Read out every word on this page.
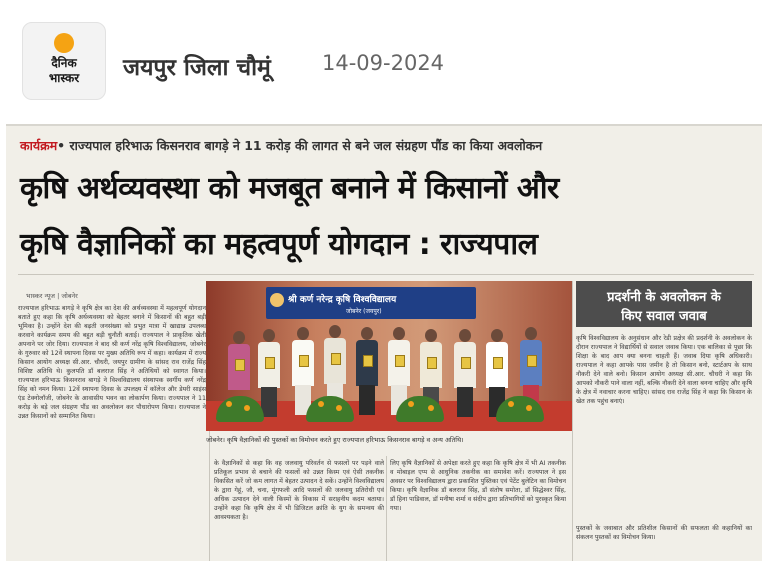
दैनिक
भास्कर	जयपुर जिला चौमूं 14-09-2024
कार्यक्रम• राज्यपाल हरिभाऊ किसनराव बागड़े ने 11 करोड़ की लागत से बने जल संग्रहण पौंड का किया अवलोकन
कृषि अर्थव्यवस्था को मजबूत बनाने में किसानों और
कृषि वैज्ञानिकों का महत्वपूर्ण योगदान : राज्यपाल
भास्कर न्यूज | जोबनेर
राज्यपाल हरिभाऊ बागड़े ने कृषि क्षेत्र का देश की अर्थव्यवस्था में महत्वपूर्ण योगदान बताते हुए कहा कि कृषि अर्थव्यवस्था को बेहतर बनाने में किसानों की बहुत बड़ी भूमिका है। उन्होंने देश की बढ़ती जनसंख्या को प्रभुत मात्रा में खाद्यान्न उपलब्ध करवाने कार्यक्रम समय की बहुत बड़ी चुनौती बताई। राज्यपाल ने प्राकृतिक खेती अपनाने पर जोर दिया। राज्यपाल ने बाद श्री कर्ण नरेंद्र कृषि विश्वविद्यालय, जोबनेर के गुरुवार को 12वें स्थापना दिवस पर मुख्य अतिथि रूप में कहा। कार्यक्रम में राज्य किसान आयोग अध्यक्ष सी.आर. चौधरी, जयपुर ग्रामीण के सांसद राव राजेंद्र सिंह विशिष्ट अतिथि थे। कुलपति डॉ बलराज सिंह ने अतिथियों को स्वागत किया। राज्यपाल हरिभाऊ किसनराव बागड़े ने विश्वविद्यालय संस्थापक स्वर्गीय कर्ण नरेंद्र सिंह को नमन किया। 12वें स्थापना दिवस के उपलक्ष्य में कॉलेज और डेयरी साइंस एंड टेक्नोलॉजी, जोबनेर के आवासीय भवन का लोकार्पण किया। राज्यपाल ने 11 करोड़ के बड़े जल संग्रहण पौंड का अवलोकन कर पौधारोपण किया। राज्यपाल ने उन्नत किसानों को सम्मानित किया।
श्री कर्ण नरेन्द्र कृषि विश्वविद्यालय
जोबनेर (जयपुर)
जोबनेर। कृषि वैज्ञानिकों की पुस्तकों का विमोचन करते हुए राज्यपाल हरिभाऊ किसनराव बागड़े व अन्य अतिथि।
के वैज्ञानिकों से कहा कि वह जलवायु परिवर्तन से फसलों पर पड़ने वाले प्रतिकूल प्रभाव से बचाने की फसलों को उन्नत किस्म एवं ऐसी तकनीक विकसित करें जो कम लागत में बेहतर उत्पादन दे सकें। उन्होंने विश्वविद्यालय के द्वारा गेहूं, जौ, चना, मूंगफली आदि फसलों की जलवायु प्रतिरोधी एवं अधिक उत्पादन देने वाली किस्मों के विकास में सराहनीय कदम बताया। उन्होंने कहा कि कृषि क्षेत्र में भी डिजिटल क्रांति के युग के समन्वय की आवश्यकता है।
लिए कृषि वैज्ञानिकों से अपेक्षा करते हुए कहा कि कृषि क्षेत्र में भी AI तकनीक व मोबाइल एप्प से आधुनिक तकनीक का समावेश करें। राज्यपाल ने इस अवसर पर विश्वविद्यालय द्वारा प्रकाशित पुस्तिका एवं पेटेंट बुलेटिन का विमोचन किया। कृषि वैज्ञानिक डॉ बलराज सिंह, डॉ संतोष समोता, डॉ सिद्धेश्वर सिंह, डॉ हिना पाडिवाल, डॉ मनीषा शर्मा व संदीप द्वारा प्रतिभागियों को पुरस्कृत किया गया।
प्रदर्शनी के अवलोकन के
किए सवाल जवाब
कृषि विश्वविद्यालय के अनुसंधान और रेडी प्रक्षेत्र की प्रदर्शनी के अवलोकन के दौरान राज्यपाल ने विद्यार्थियों से सवाल जवाब किया। एक बालिका से पूछा कि शिक्षा के बाद आप क्या बनना चाहती हैं। जवाब दिया कृषि अधिकारी। राज्यपाल ने कहा आपके पास जमीन है तो किसान बनो, स्टार्टअप के साथ नौकरी देने वाले बनो। किसान आयोग अध्यक्ष सी.आर. चौधरी ने कहा कि आपको नौकरी पाने वाला नहीं, बल्कि नौकरी देने वाला बनना चाहिए और कृषि के क्षेत्र में नवाचार करना चाहिए। सांसद राव राजेंद्र सिंह ने कहा कि किसान के खेत तक पहुंच बनाएं।
पुस्तकों के जवाबात और प्रतिशील किसानों की सफलता की कहानियों का संकलन पुस्तकों का विमोचन किया।
